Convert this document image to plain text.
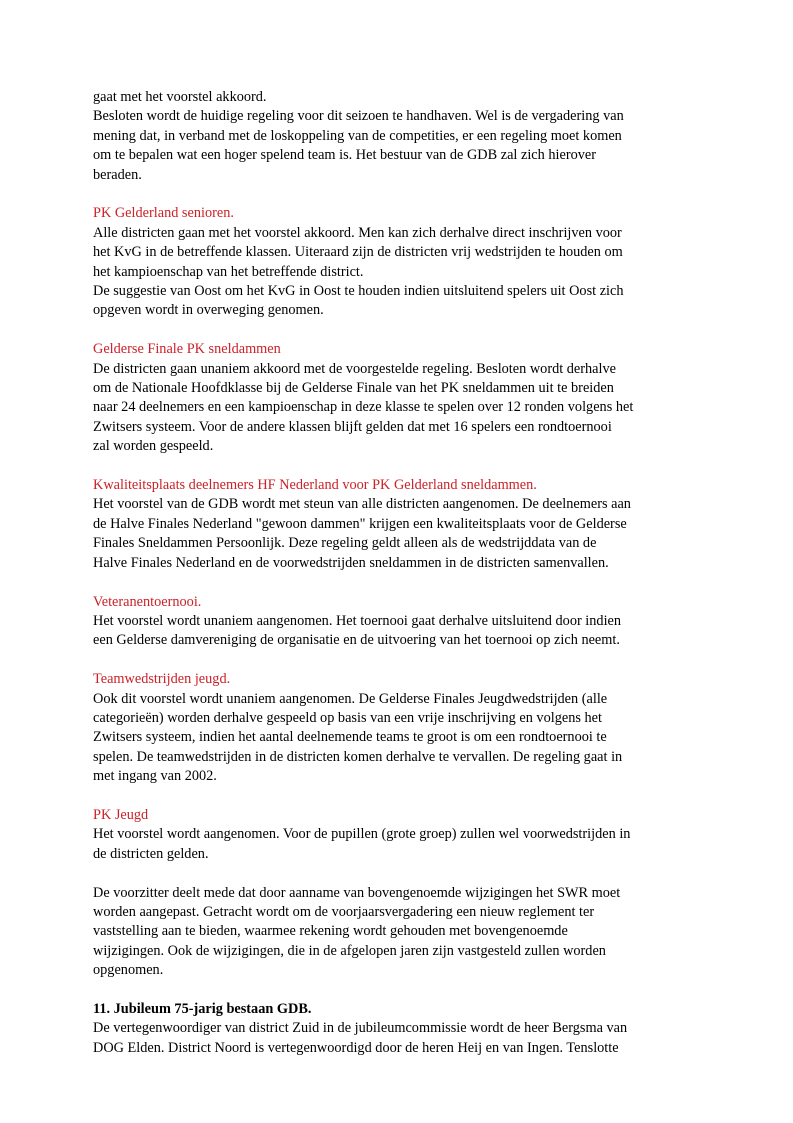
gaat met het voorstel akkoord.
Besloten wordt de huidige regeling voor dit seizoen te handhaven. Wel is de vergadering van
mening dat, in verband met de loskoppeling van de competities, er een regeling moet komen
om te bepalen wat een hoger spelend team is. Het bestuur van de GDB zal zich hierover
beraden.
PK Gelderland senioren.
Alle districten gaan met het voorstel akkoord. Men kan zich derhalve direct inschrijven voor
het KvG in de betreffende klassen. Uiteraard zijn de districten vrij wedstrijden te houden om
het kampioenschap van het betreffende district.
De suggestie van Oost om het KvG in Oost te houden indien uitsluitend spelers uit Oost zich
opgeven wordt in overweging genomen.
Gelderse Finale PK sneldammen
De districten gaan unaniem akkoord met de voorgestelde regeling. Besloten wordt derhalve
om de Nationale Hoofdklasse bij de Gelderse Finale van het PK sneldammen uit te breiden
naar 24 deelnemers en een kampioenschap in deze klasse te spelen over 12 ronden volgens het
Zwitsers systeem. Voor de andere klassen blijft gelden dat met 16 spelers een rondtoernooi
zal worden gespeeld.
Kwaliteitsplaats deelnemers HF Nederland voor PK Gelderland sneldammen.
Het voorstel van de GDB wordt met steun van alle districten aangenomen. De deelnemers aan
de Halve Finales Nederland "gewoon dammen" krijgen een kwaliteitsplaats voor de Gelderse
Finales Sneldammen Persoonlijk. Deze regeling geldt alleen als de wedstrijddata van de
Halve Finales Nederland en de voorwedstrijden sneldammen in de districten samenvallen.
Veteranentoernooi.
Het voorstel wordt unaniem aangenomen. Het toernooi gaat derhalve uitsluitend door indien
een Gelderse damvereniging de organisatie en de uitvoering van het toernooi op zich neemt.
Teamwedstrijden jeugd.
Ook dit voorstel wordt unaniem aangenomen. De Gelderse Finales Jeugdwedstrijden (alle
categorieën) worden derhalve gespeeld op basis van een vrije inschrijving en volgens het
Zwitsers systeem, indien het aantal deelnemende teams te groot is om een rondtoernooi te
spelen. De teamwedstrijden in de districten komen derhalve te vervallen. De regeling gaat in
met ingang van 2002.
PK Jeugd
Het voorstel wordt aangenomen. Voor de pupillen (grote groep) zullen wel voorwedstrijden in
de districten gelden.
De voorzitter deelt mede dat door aanname van bovengenoemde wijzigingen het SWR moet
worden aangepast. Getracht wordt om de voorjaarsvergadering een nieuw reglement ter
vaststelling aan te bieden, waarmee rekening wordt gehouden met bovengenoemde
wijzigingen. Ook de wijzigingen, die in de afgelopen jaren zijn vastgesteld zullen worden
opgenomen.
11. Jubileum 75-jarig bestaan GDB.
De vertegenwoordiger van district Zuid in de jubileumcommissie wordt de heer Bergsma van
DOG Elden. District Noord is vertegenwoordigd door de heren Heij en van Ingen. Tenslotte
